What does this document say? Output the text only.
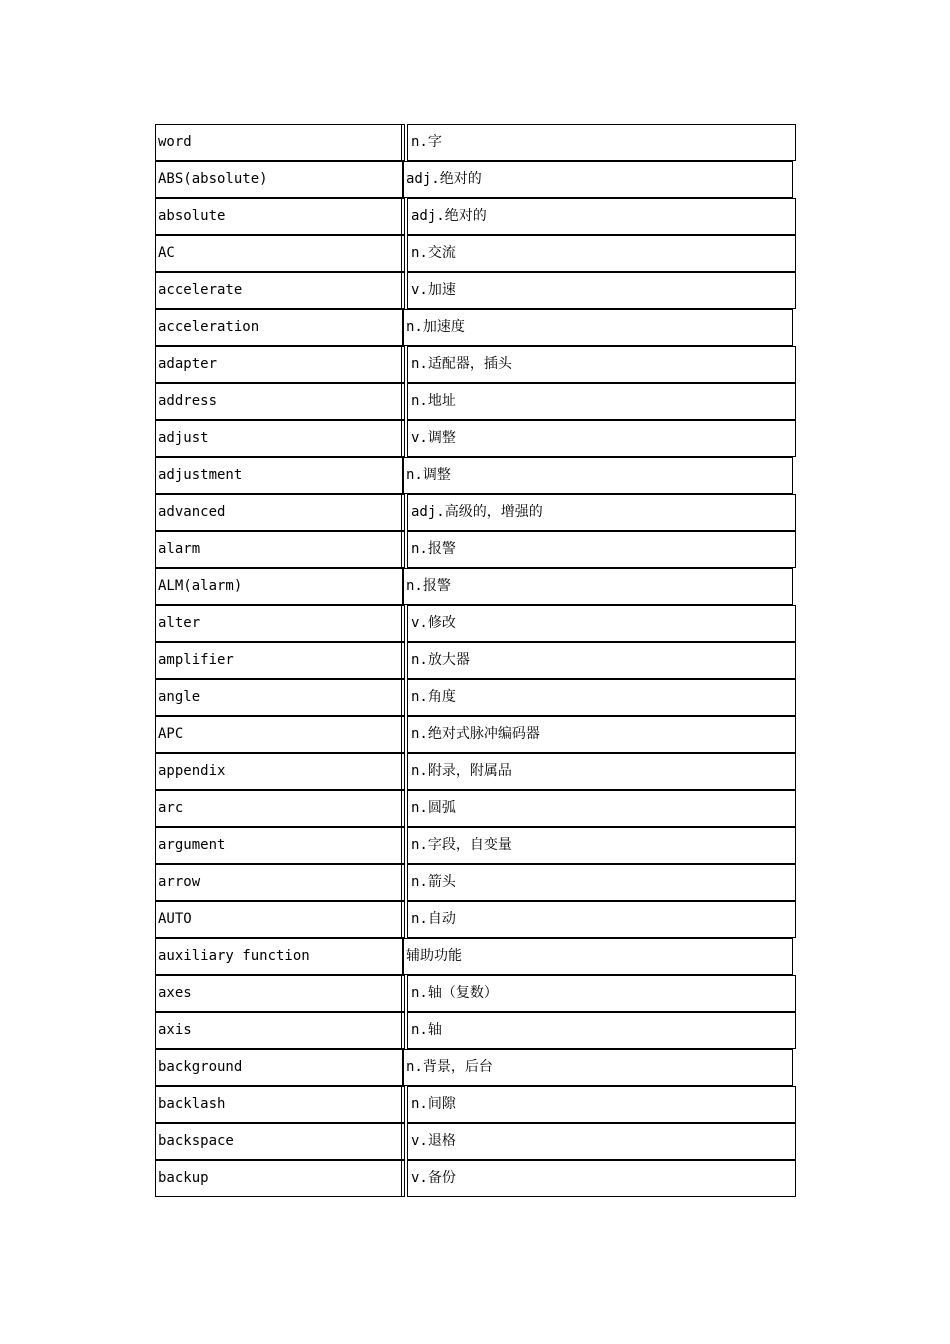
word	n.字
ABS(absolute)	adj.绝对的
absolute	adj.绝对的
AC	n.交流
accelerate	v.加速
acceleration	n.加速度
adapter	n.适配器，插头
address	n.地址
adjust	v.调整
adjustment	n.调整
advanced	adj.高级的，增强的
alarm	n.报警
ALM(alarm)	n.报警
alter	v.修改
amplifier	n.放大器
angle	n.角度
APC	n.绝对式脉冲编码器
appendix	n.附录，附属品
arc	n.圆弧
argument	n.字段，自变量
arrow	n.箭头
AUTO	n.自动
auxiliary function	辅助功能
axes	n.轴（复数）
axis	n.轴
background	n.背景，后台
backlash	n.间隙
backspace	v.退格
backup	v.备份
